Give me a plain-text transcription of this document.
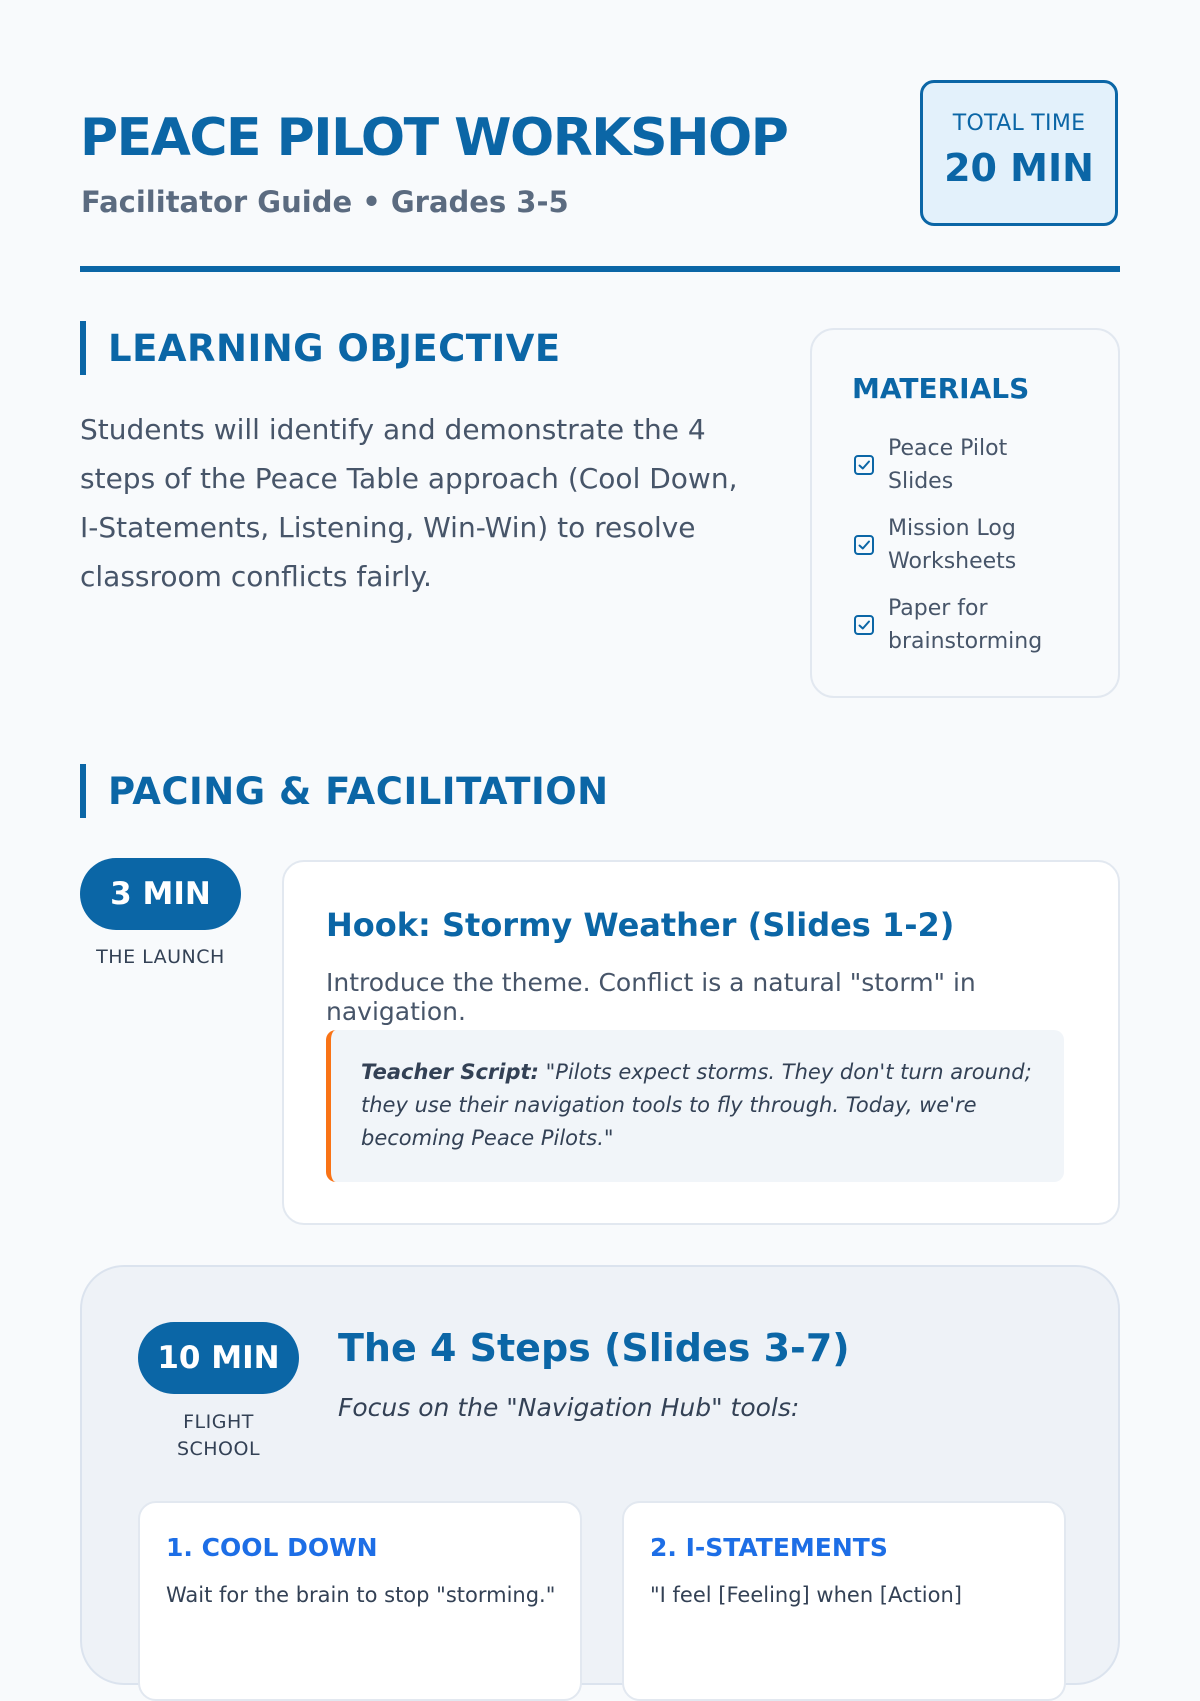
PEACE PILOT WORKSHOP

Facilitator Guide • Grades 3-5

TOTAL TIME
20 MIN
LEARNING OBJECTIVE

Students will identify and demonstrate the 4 steps of the Peace Table approach (Cool Down, I-Statements, Listening, Win-Win) to resolve classroom conflicts fairly.

MATERIALS
Peace Pilot
Slides
Mission Log
Worksheets
Paper for
brainstorming
PACING & FACILITATION
3 MIN
THE LAUNCH
Hook: Stormy Weather (Slides 1-2)

Introduce the theme. Conflict is a natural "storm" in navigation.

Teacher Script: "Pilots expect storms. They don't turn around; they use their navigation tools to fly through. Today, we're becoming Peace Pilots."
10 MIN
FLIGHT
SCHOOL
The 4 Steps (Slides 3-7)

Focus on the "Navigation Hub" tools:

1. COOL DOWN
Wait for the brain to stop "storming."
2. I-STATEMENTS
"I feel [Feeling] when [Action]
